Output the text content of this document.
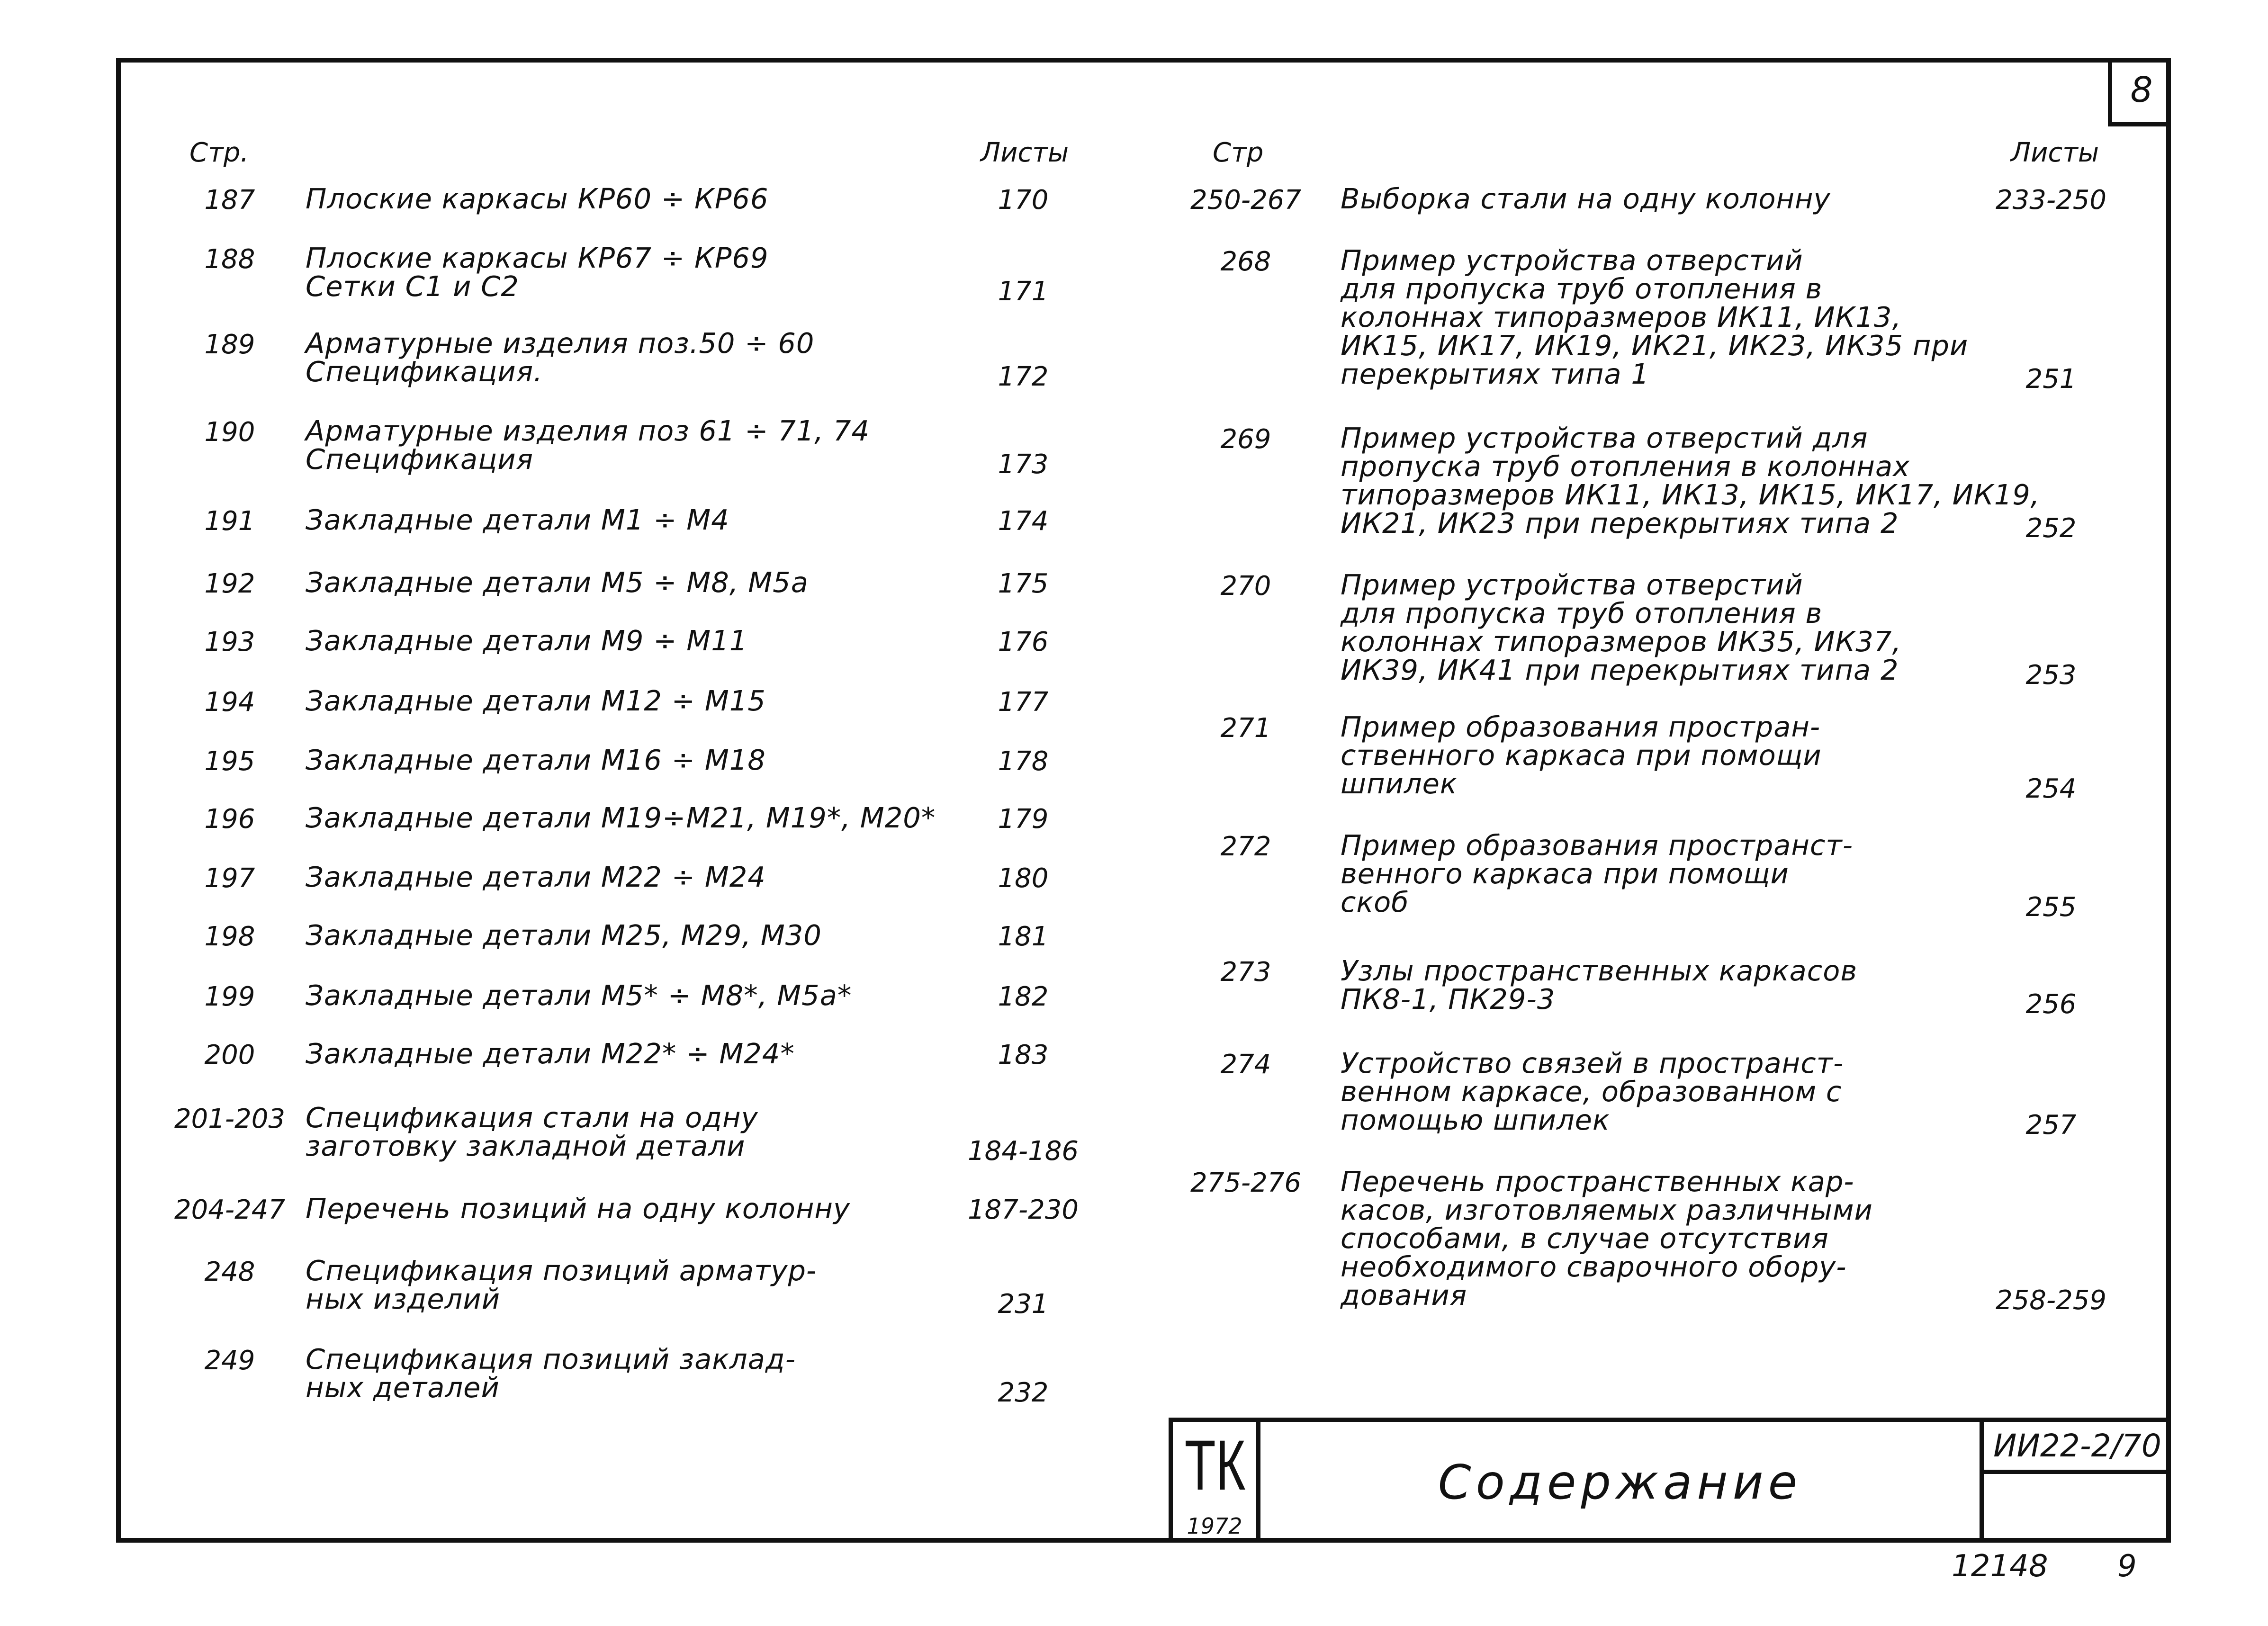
8
Стр.	Листы	Стр	Листы
187	Плоские каркасы КР60 ÷ КР66	170
188	Плоские каркасы КР67 ÷ КР69
Сетки С1 и С2	171
189	Арматурные изделия поз.50 ÷ 60
Спецификация.	172
190	Арматурные изделия поз 61 ÷ 71, 74
Спецификация	173
191	Закладные детали М1 ÷ М4	174
192	Закладные детали М5 ÷ М8, М5а	175
193	Закладные детали М9 ÷ М11	176
194	Закладные детали М12 ÷ М15	177
195	Закладные детали М16 ÷ М18	178
196	Закладные детали М19÷М21, М19*, М20*	179
197	Закладные детали М22 ÷ М24	180
198	Закладные детали М25, М29, М30	181
199	Закладные детали М5* ÷ М8*, М5а*	182
200	Закладные детали М22* ÷ М24*	183
201-203 Спецификация стали на одну
заготовку закладной детали	184-186
204-247 Перечень позиций на одну колонну	187-230
248	Спецификация позиций арматур-
ных изделий	231
249	Спецификация позиций заклад-
ных деталей	232
250-267 Выборка стали на одну колонну	233-250
268	Пример устройства отверстий
для пропуска труб отопления в
колоннах типоразмеров ИК11, ИК13,
ИК15, ИК17, ИК19, ИК21, ИК23, ИК35 при
перекрытиях типа 1	251
269	Пример устройства отверстий для
пропуска труб отопления в колоннах
типоразмеров ИК11, ИК13, ИК15, ИК17, ИК19,
ИК21, ИК23 при перекрытиях типа 2	252
270	Пример устройства отверстий
для пропуска труб отопления в
колоннах типоразмеров ИК35, ИК37,
ИК39, ИК41 при перекрытиях типа 2	253
271	Пример образования простран-
ственного каркаса при помощи
шпилек	254
272	Пример образования пространст-
венного каркаса при помощи
скоб	255
273	Узлы пространственных каркасов
ПК8-1, ПК29-3	256
274	Устройство связей в пространст-
венном каркасе, образованном с
помощью шпилек	257
275-276 Перечень пространственных кар-
касов, изготовляемых различными
способами, в случае отсутствия
необходимого сварочного обору-
дования	258-259
ТК
1972
Содержание
ИИ22-2/70
12148 9
